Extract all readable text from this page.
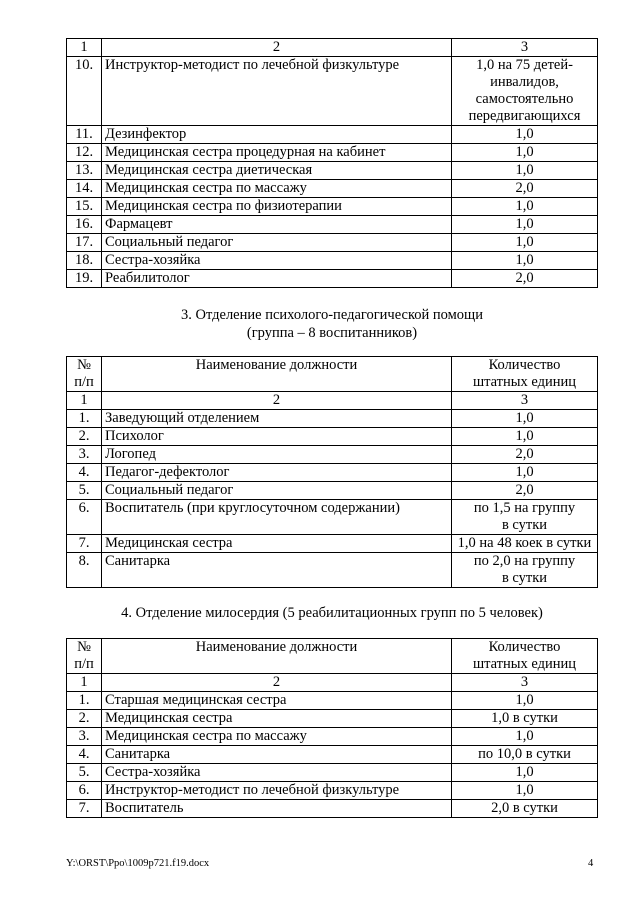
1	2	3
10.	Инструктор-методист по лечебной физкультуре	1,0 на 75 детей-
инвалидов,
самостоятельно
передвигающихся

11.	Дезинфектор	1,0

12.	Медицинская сестра процедурная на кабинет	1,0

13.	Медицинская сестра диетическая	1,0

14.	Медицинская сестра по массажу	2,0

15.	Медицинская сестра по физиотерапии	1,0

16.	Фармацевт	1,0

17.	Социальный педагог	1,0

18.	Сестра-хозяйка	1,0

19.	Реабилитолог	2,0
3. Отделение психолого-педагогической помощи
(группа – 8 воспитанников)
№
п/п	Наименование должности	Количество
штатных единиц

1	2	3
1.	Заведующий отделением	1,0

2.	Психолог	1,0

3.	Логопед	2,0

4.	Педагог-дефектолог	1,0

5.	Социальный педагог	2,0

6.	Воспитатель (при круглосуточном содержании)	по 1,5 на группу
в сутки

7.	Медицинская сестра	1,0 на 48 коек в сутки

8.	Санитарка	по 2,0 на группу
в сутки
4. Отделение милосердия (5 реабилитационных групп по 5 человек)
№
п/п	Наименование должности	Количество
штатных единиц

1	2	3
1.	Старшая медицинская сестра	1,0

2.	Медицинская сестра	1,0 в сутки

3.	Медицинская сестра по массажу	1,0

4.	Санитарка	по 10,0 в сутки

5.	Сестра-хозяйка	1,0

6.	Инструктор-методист по лечебной физкультуре	1,0

7.	Воспитатель	2,0 в сутки
Y:\ORST\Ppo\1009p721.f19.docx	4
